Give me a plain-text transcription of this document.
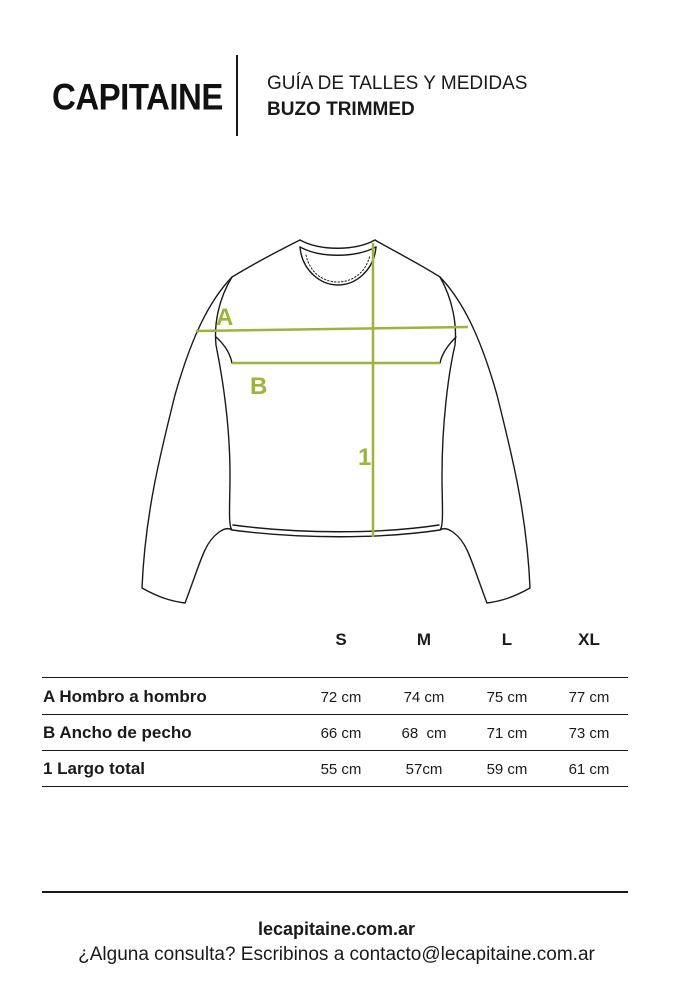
CAPITAINE GUÍA DE TALLES Y MEDIDAS
BUZO TRIMMED
A
B
1
S	M	L	XL
A Hombro a hombro	72 cm	74 cm	75 cm	77 cm
B Ancho de pecho	66 cm	68  cm	71 cm	73 cm
1 Largo total	55 cm	57cm	59 cm	61 cm
lecapitaine.com.ar
¿Alguna consulta? Escribinos a contacto@lecapitaine.com.ar
